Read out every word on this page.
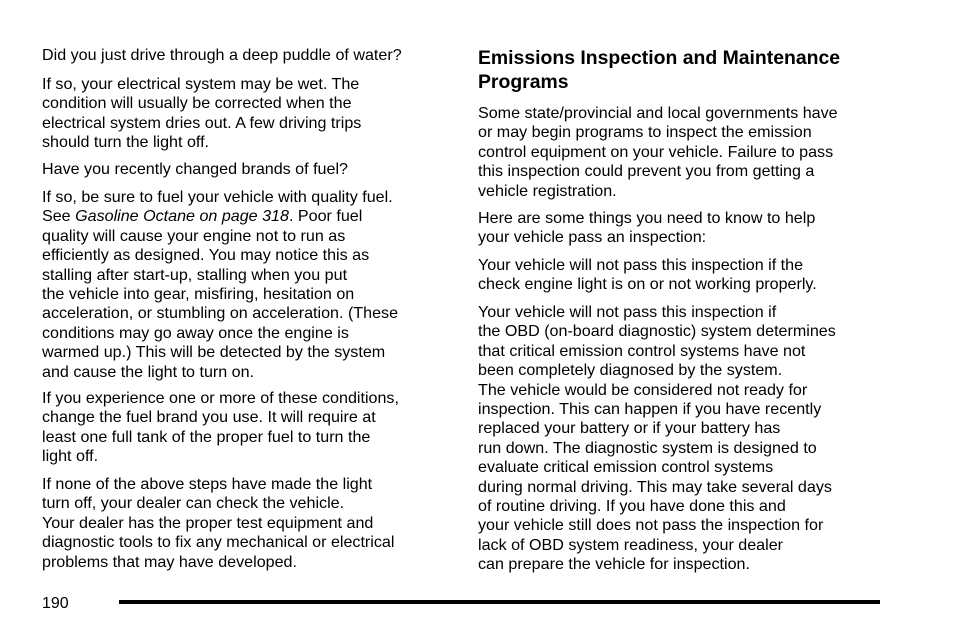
Did you just drive through a deep puddle of water?

If so, your electrical system may be wet. The
condition will usually be corrected when the
electrical system dries out. A few driving trips
should turn the light off.

Have you recently changed brands of fuel?

If so, be sure to fuel your vehicle with quality fuel.
See Gasoline Octane on page 318. Poor fuel
quality will cause your engine not to run as
efficiently as designed. You may notice this as
stalling after start-up, stalling when you put
the vehicle into gear, misfiring, hesitation on
acceleration, or stumbling on acceleration. (These
conditions may go away once the engine is
warmed up.) This will be detected by the system
and cause the light to turn on.

If you experience one or more of these conditions,
change the fuel brand you use. It will require at
least one full tank of the proper fuel to turn the
light off.

If none of the above steps have made the light
turn off, your dealer can check the vehicle.
Your dealer has the proper test equipment and
diagnostic tools to fix any mechanical or electrical
problems that may have developed.

Emissions Inspection and Maintenance
Programs

Some state/provincial and local governments have
or may begin programs to inspect the emission
control equipment on your vehicle. Failure to pass
this inspection could prevent you from getting a
vehicle registration.

Here are some things you need to know to help
your vehicle pass an inspection:

Your vehicle will not pass this inspection if the
check engine light is on or not working properly.

Your vehicle will not pass this inspection if
the OBD (on-board diagnostic) system determines
that critical emission control systems have not
been completely diagnosed by the system.
The vehicle would be considered not ready for
inspection. This can happen if you have recently
replaced your battery or if your battery has
run down. The diagnostic system is designed to
evaluate critical emission control systems
during normal driving. This may take several days
of routine driving. If you have done this and
your vehicle still does not pass the inspection for
lack of OBD system readiness, your dealer
can prepare the vehicle for inspection.

190
